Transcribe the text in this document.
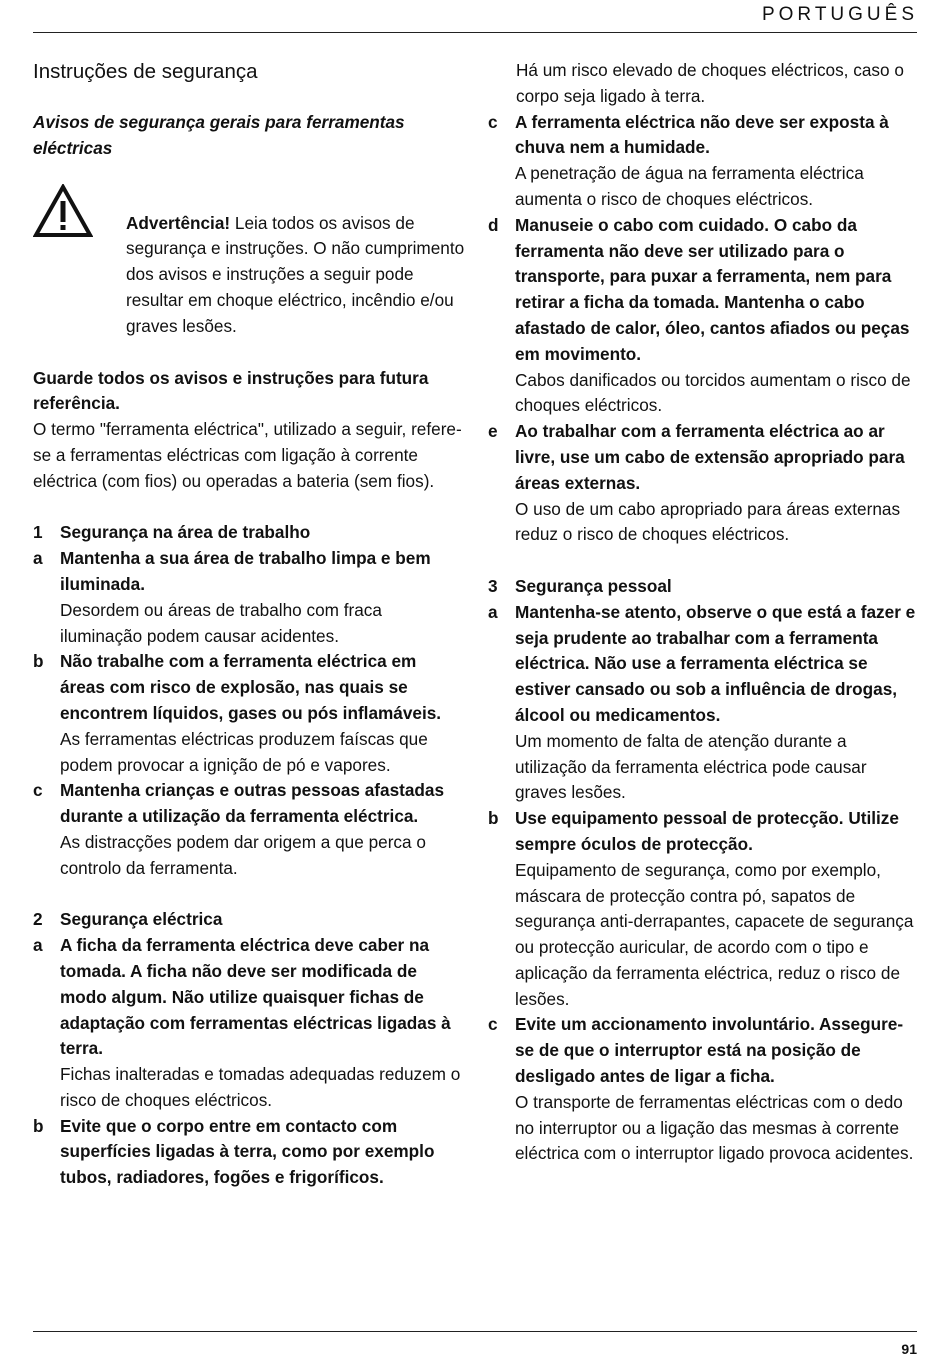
PORTUGUÊS
Instruções de segurança
Avisos de segurança gerais para ferramentas eléctricas

Advertência! Leia todos os avisos de segurança e instruções. O não cumprimento dos avisos e instruções a seguir pode resultar em choque eléctrico, incêndio e/ou graves lesões.

Guarde todos os avisos e instruções para futura referência.

O termo "ferramenta eléctrica", utilizado a seguir, refere-se a ferramentas eléctricas com ligação à corrente eléctrica (com fios) ou operadas a bateria (sem fios).

1	Segurança na área de trabalho
a	Mantenha a sua área de trabalho limpa e bem iluminada.

Desordem ou áreas de trabalho com fraca iluminação podem causar acidentes.

b Não trabalhe com a ferramenta eléctrica em áreas com risco de explosão, nas quais se encontrem líquidos, gases ou pós inflamáveis.

As ferramentas eléctricas produzem faíscas que podem provocar a ignição de pó e vapores.

c	Mantenha crianças e outras pessoas afastadas durante a utilização da ferramenta eléctrica.

As distracções podem dar origem a que perca o controlo da ferramenta.

2	Segurança eléctrica
a	A ficha da ferramenta eléctrica deve caber na tomada. A ficha não deve ser modificada de modo algum. Não utilize quaisquer fichas de adaptação com ferramentas eléctricas ligadas à terra.

Fichas inalteradas e tomadas adequadas reduzem o risco de choques eléctricos.

b Evite que o corpo entre em contacto com superfícies ligadas à terra, como por exemplo tubos, radiadores, fogões e frigoríficos.

Há um risco elevado de choques eléctricos, caso o corpo seja ligado à terra.

c	A ferramenta eléctrica não deve ser exposta à chuva nem a humidade.

A penetração de água na ferramenta eléctrica aumenta o risco de choques eléctricos.

d Manuseie o cabo com cuidado. O cabo da ferramenta não deve ser utilizado para o transporte, para puxar a ferramenta, nem para retirar a ficha da tomada. Mantenha o cabo afastado de calor, óleo, cantos afiados ou peças em movimento.

Cabos danificados ou torcidos aumentam o risco de choques eléctricos.

e	Ao trabalhar com a ferramenta eléctrica ao ar livre, use um cabo de extensão apropriado para áreas externas.

O uso de um cabo apropriado para áreas externas reduz o risco de choques eléctricos.

3	Segurança pessoal
a	Mantenha-se atento, observe o que está a fazer e seja prudente ao trabalhar com a ferramenta eléctrica. Não use a ferramenta eléctrica se estiver cansado ou sob a influência de drogas, álcool ou medicamentos.

Um momento de falta de atenção durante a utilização da ferramenta eléctrica pode causar graves lesões.

b Use equipamento pessoal de protecção. Utilize sempre óculos de protecção.

Equipamento de segurança, como por exemplo, máscara de protecção contra pó, sapatos de segurança anti-derrapantes, capacete de segurança ou protecção auricular, de acordo com o tipo e aplicação da ferramenta eléctrica, reduz o risco de lesões.

c	Evite um accionamento involuntário. Assegure-se de que o interruptor está na posição de desligado antes de ligar a ficha.

O transporte de ferramentas eléctricas com o dedo no interruptor ou a ligação das mesmas à corrente eléctrica com o interruptor ligado provoca acidentes.

91
